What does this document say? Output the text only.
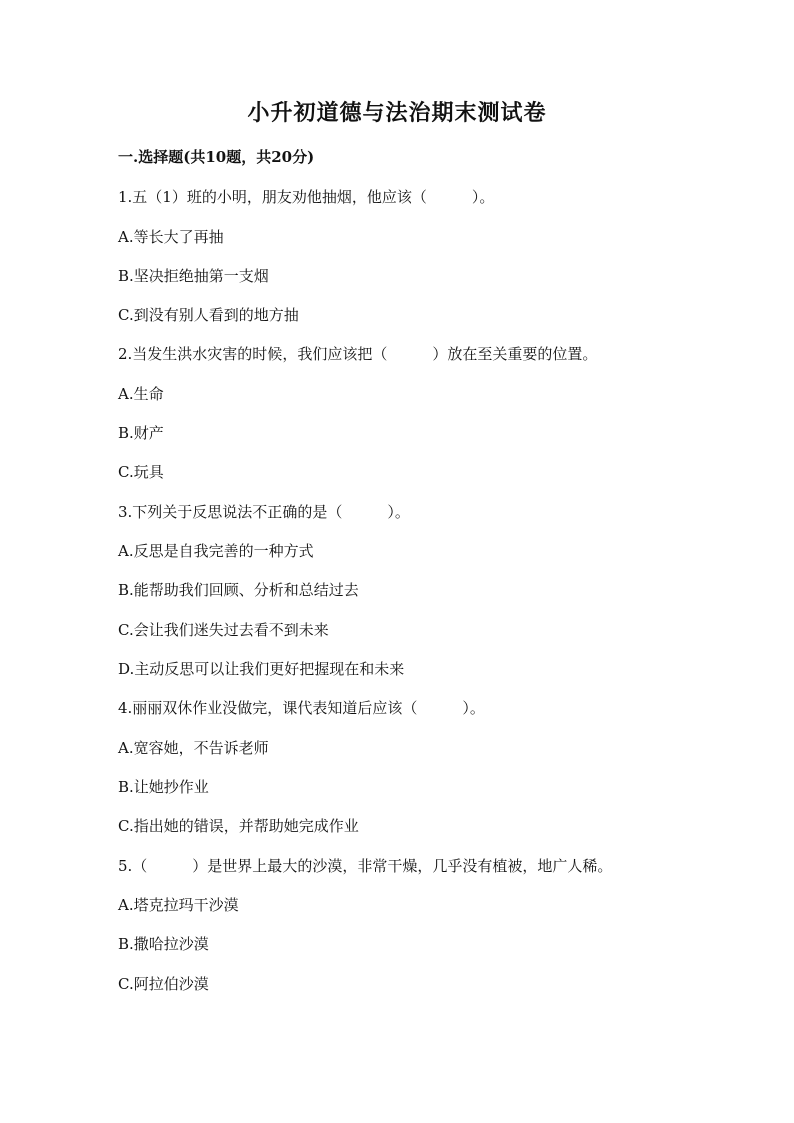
小升初道德与法治期末测试卷
一.选择题(共10题，共20分)
1.五（1）班的小明，朋友劝他抽烟，他应该（　　　）。
A.等长大了再抽
B.坚决拒绝抽第一支烟
C.到没有别人看到的地方抽
2.当发生洪水灾害的时候，我们应该把（　　　）放在至关重要的位置。
A.生命
B.财产
C.玩具
3.下列关于反思说法不正确的是（　　　）。
A.反思是自我完善的一种方式
B.能帮助我们回顾、分析和总结过去
C.会让我们迷失过去看不到未来
D.主动反思可以让我们更好把握现在和未来
4.丽丽双休作业没做完，课代表知道后应该（　　　）。
A.宽容她，不告诉老师
B.让她抄作业
C.指出她的错误，并帮助她完成作业
5.（　　　）是世界上最大的沙漠，非常干燥，几乎没有植被，地广人稀。
A.塔克拉玛干沙漠
B.撒哈拉沙漠
C.阿拉伯沙漠
